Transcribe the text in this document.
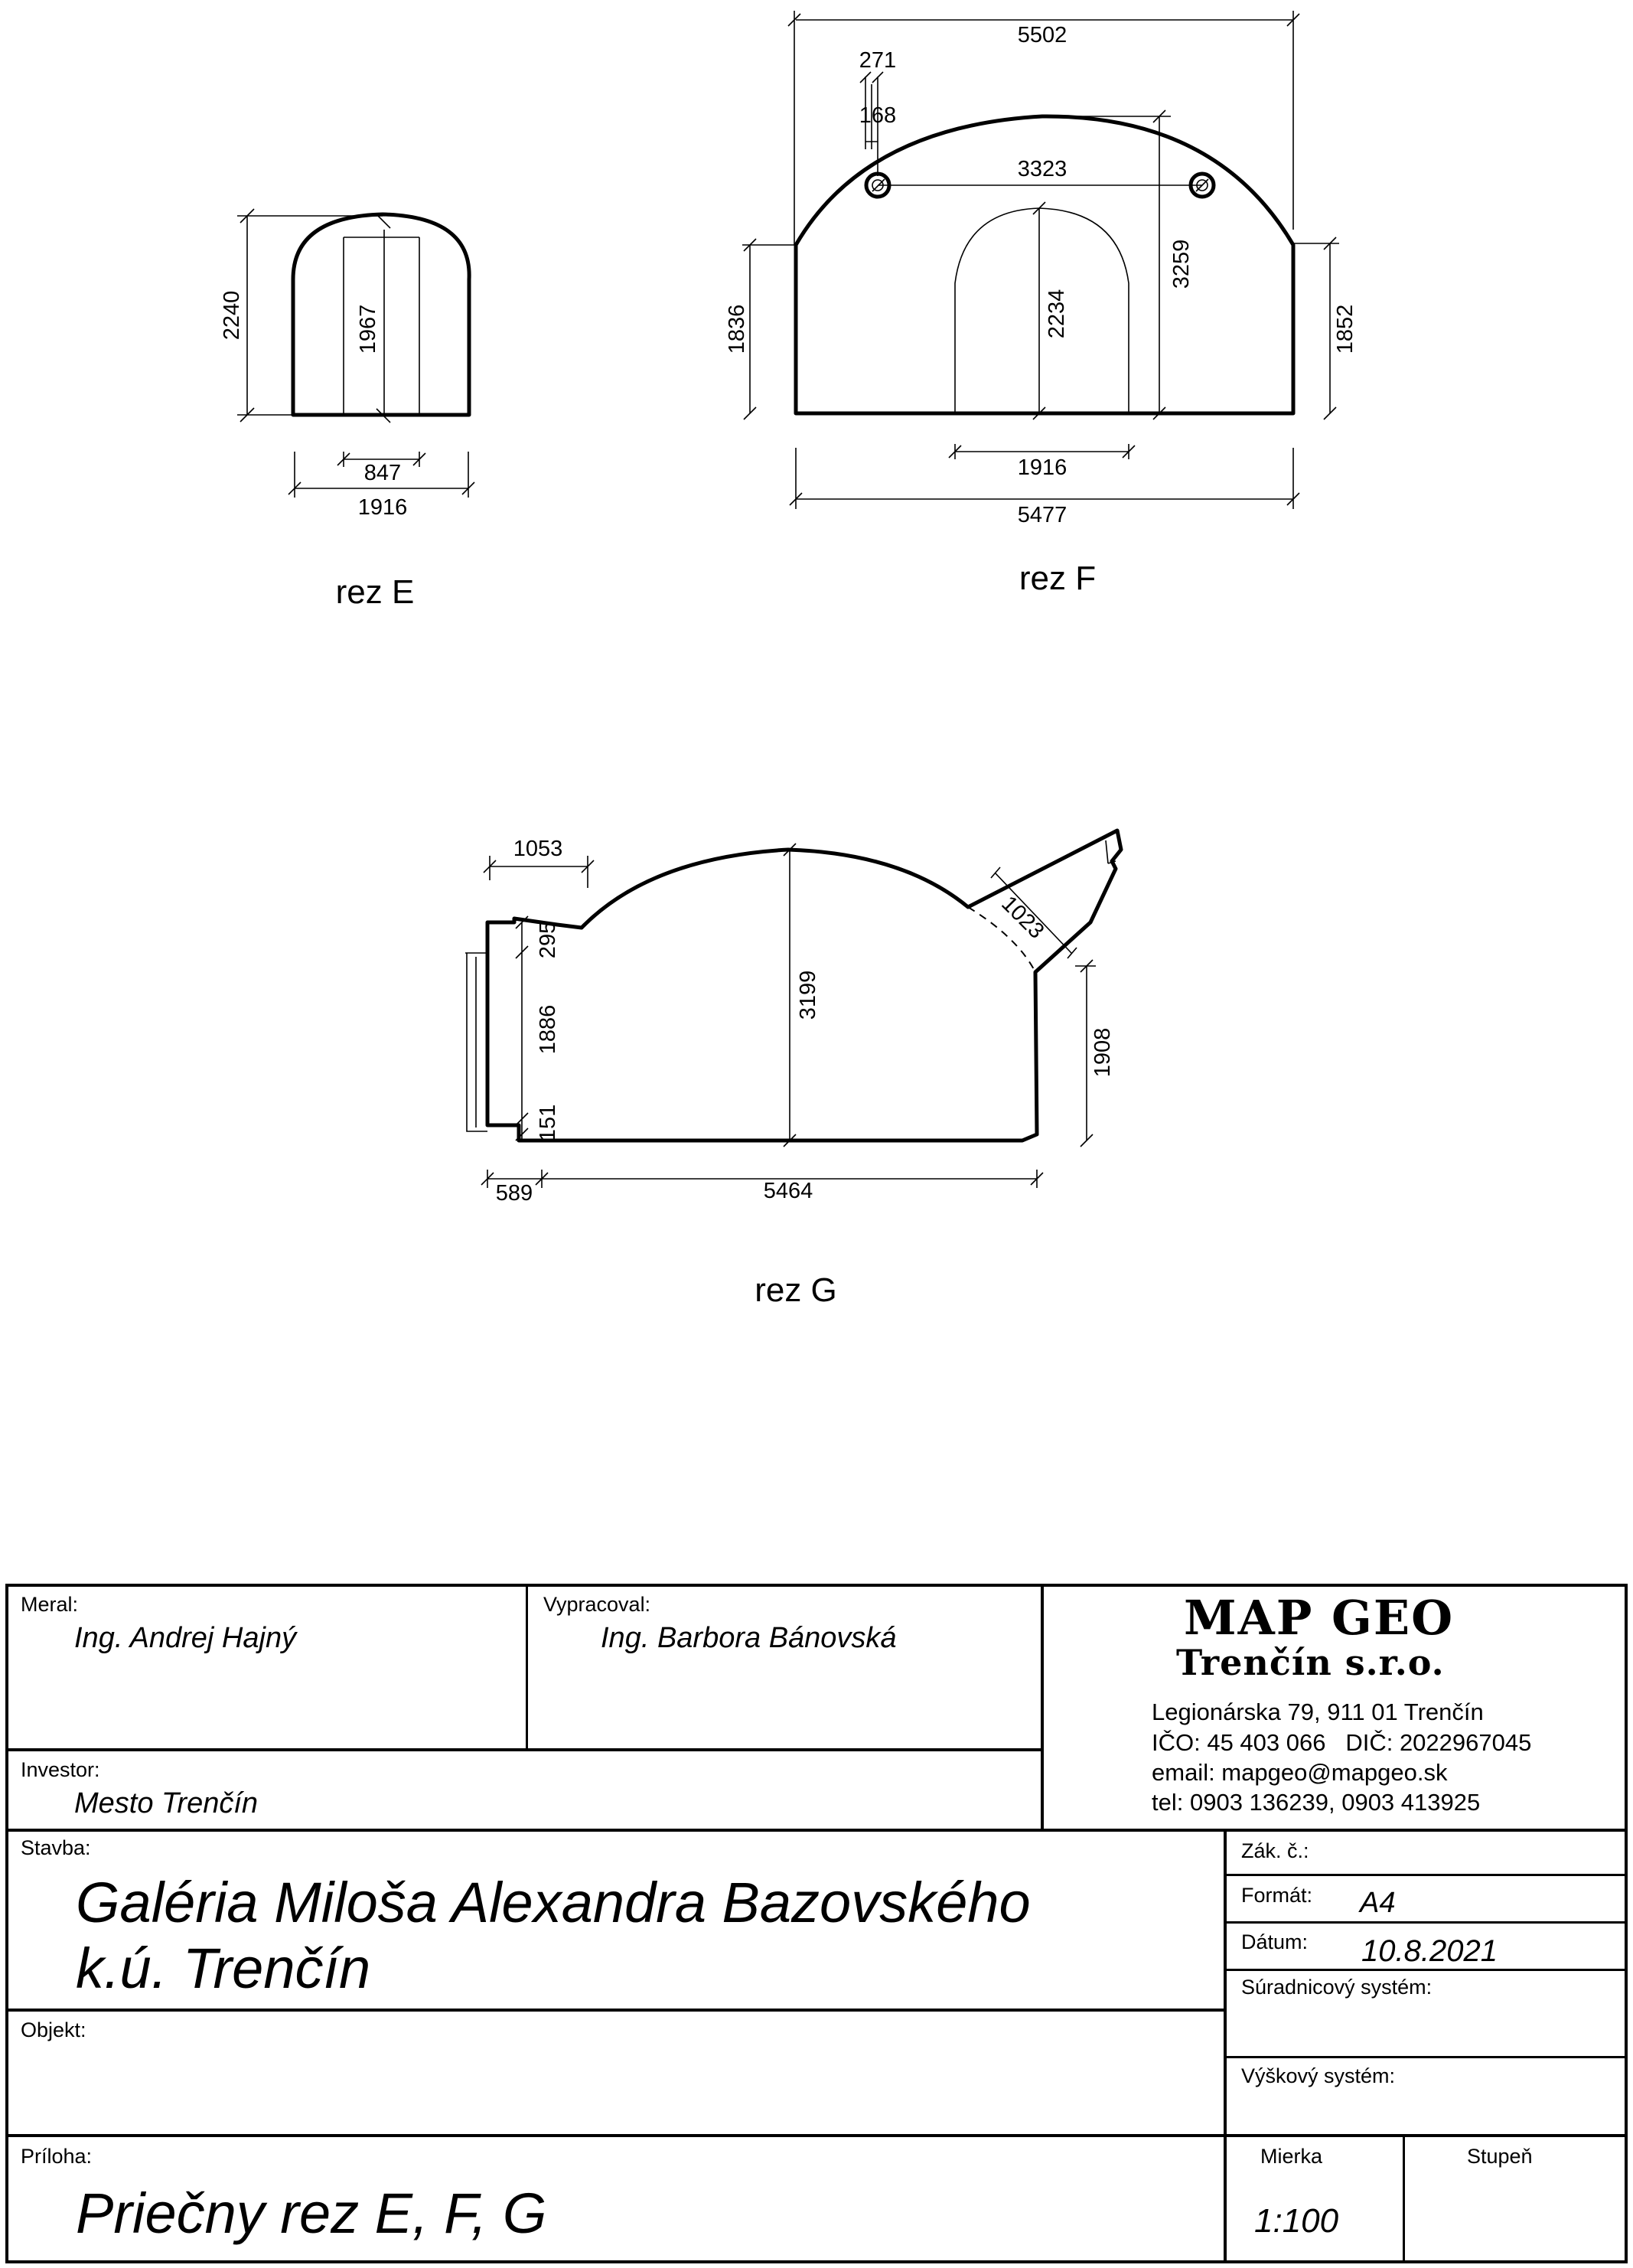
2240	1967
847
1916
rez E
5502
271
168
3323
3259
2234
1836	1852
1916
5477
rez F
1053
1023
295
1886
151
3199
1908
589	5464
rez G
Meral:
Ing. Andrej Hajný
Vypracoval:
Ing. Barbora Bánovská
Investor:
Mesto Trenčín
MAP GEO
Trenčín s.r.o.
Legionárska 79, 911 01 Trenčín
IČO: 45 403 066   DIČ: 2022967045
email: mapgeo@mapgeo.sk
tel: 0903 136239, 0903 413925
Stavba:
Galéria Miloša Alexandra Bazovského
k.ú. Trenčín
Zák. č.:
Formát: A4
Dátum: 10.8.2021
Súradnicový systém:
Výškový systém:
Objekt:
Príloha:
Priečny rez E, F, G
Mierka
1:100
Stupeň
